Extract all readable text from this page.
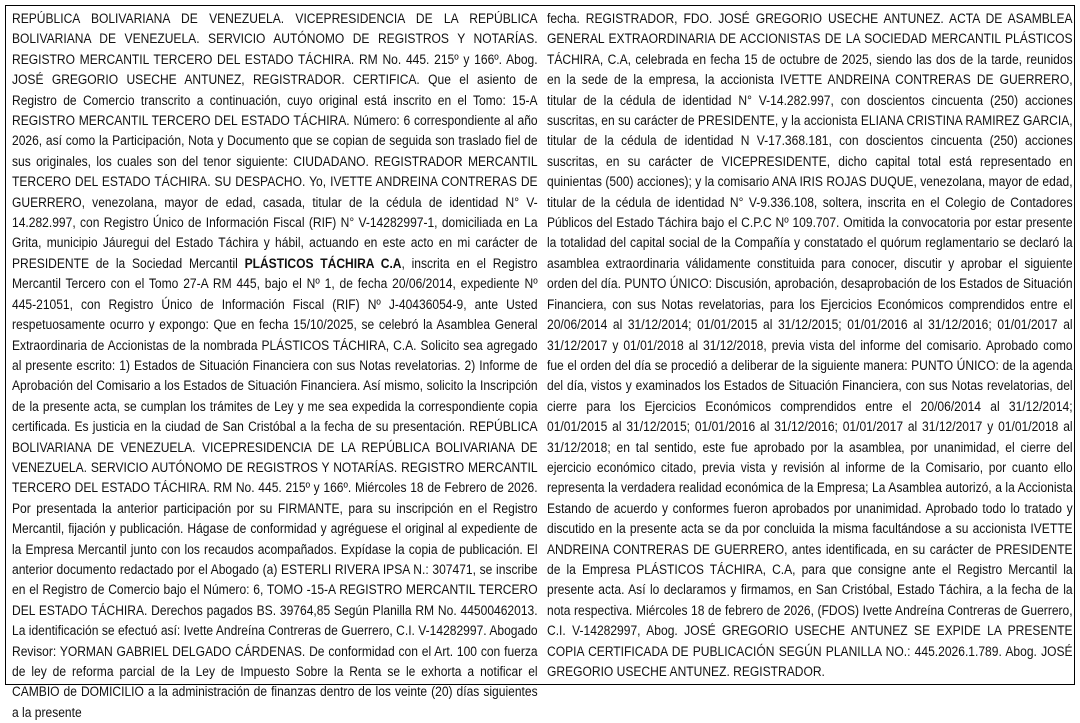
REPÚBLICA BOLIVARIANA DE VENEZUELA. VICEPRESIDENCIA DE LA REPÚBLICA BOLIVARIANA DE VENEZUELA. SERVICIO AUTÓNOMO DE REGISTROS Y NOTARÍAS. REGISTRO MERCANTIL TERCERO DEL ESTADO TÁCHIRA. RM No. 445. 215º y 166º. Abog. JOSÉ GREGORIO USECHE ANTUNEZ, REGISTRADOR. CERTIFICA. Que el asiento de Registro de Comercio transcrito a continuación, cuyo original está inscrito en el Tomo: 15-A REGISTRO MERCANTIL TERCERO DEL ESTADO TÁCHIRA. Número: 6 correspondiente al año 2026, así como la Participación, Nota y Documento que se copian de seguida son traslado fiel de sus originales, los cuales son del tenor siguiente: CIUDADANO. REGISTRADOR MERCANTIL TERCERO DEL ESTADO TÁCHIRA. SU DESPACHO. Yo, IVETTE ANDREINA CONTRERAS DE GUERRERO, venezolana, mayor de edad, casada, titular de la cédula de identidad N° V-14.282.997, con Registro Único de Información Fiscal (RIF) N° V-14282997-1, domiciliada en La Grita, municipio Jáuregui del Estado Táchira y hábil, actuando en este acto en mi carácter de PRESIDENTE de la Sociedad Mercantil PLÁSTICOS TÁCHIRA C.A, inscrita en el Registro Mercantil Tercero con el Tomo 27-A RM 445, bajo el Nº 1, de fecha 20/06/2014, expediente Nº 445-21051, con Registro Único de Información Fiscal (RIF) Nº J-40436054-9, ante Usted respetuosamente ocurro y expongo: Que en fecha 15/10/2025, se celebró la Asamblea General Extraordinaria de Accionistas de la nombrada PLÁSTICOS TÁCHIRA, C.A. Solicito sea agregado al presente escrito: 1) Estados de Situación Financiera con sus Notas revelatorias. 2) Informe de Aprobación del Comisario a los Estados de Situación Financiera. Así mismo, solicito la Inscripción de la presente acta, se cumplan los trámites de Ley y me sea expedida la correspondiente copia certificada. Es justicia en la ciudad de San Cristóbal a la fecha de su presentación. REPÚBLICA BOLIVARIANA DE VENEZUELA. VICEPRESIDENCIA DE LA REPÚBLICA BOLIVARIANA DE VENEZUELA. SERVICIO AUTÓNOMO DE REGISTROS Y NOTARÍAS. REGISTRO MERCANTIL TERCERO DEL ESTADO TÁCHIRA. RM No. 445. 215º y 166º. Miércoles 18 de Febrero de 2026. Por presentada la anterior participación por su FIRMANTE, para su inscripción en el Registro Mercantil, fijación y publicación. Hágase de conformidad y agréguese el original al expediente de la Empresa Mercantil junto con los recaudos acompañados. Expídase la copia de publicación. El anterior documento redactado por el Abogado (a) ESTERLI RIVERA IPSA N.: 307471, se inscribe en el Registro de Comercio bajo el Número: 6, TOMO -15-A REGISTRO MERCANTIL TERCERO DEL ESTADO TÁCHIRA. Derechos pagados BS. 39764,85 Según Planilla RM No. 44500462013. La identificación se efectuó así: Ivette Andreína Contreras de Guerrero, C.I. V-14282997. Abogado Revisor: YORMAN GABRIEL DELGADO CÁRDENAS. De conformidad con el Art. 100 con fuerza de ley de reforma parcial de la Ley de Impuesto Sobre la Renta se le exhorta a notificar el CAMBIO de DOMICILIO a la administración de finanzas dentro de los veinte (20) días siguientes a la presente

fecha. REGISTRADOR, FDO. JOSÉ GREGORIO USECHE ANTUNEZ. ACTA DE ASAMBLEA GENERAL EXTRAORDINARIA DE ACCIONISTAS DE LA SOCIEDAD MERCANTIL PLÁSTICOS TÁCHIRA, C.A, celebrada en fecha 15 de octubre de 2025, siendo las dos de la tarde, reunidos en la sede de la empresa, la accionista IVETTE ANDREINA CONTRERAS DE GUERRERO, titular de la cédula de identidad N° V-14.282.997, con doscientos cincuenta (250) acciones suscritas, en su carácter de PRESIDENTE, y la accionista ELIANA CRISTINA RAMIREZ GARCIA, titular de la cédula de identidad N V-17.368.181, con doscientos cincuenta (250) acciones suscritas, en su carácter de VICEPRESIDENTE, dicho capital total está representado en quinientas (500) acciones); y la comisario ANA IRIS ROJAS DUQUE, venezolana, mayor de edad, titular de la cédula de identidad N° V-9.336.108, soltera, inscrita en el Colegio de Contadores Públicos del Estado Táchira bajo el C.P.C Nº 109.707. Omitida la convocatoria por estar presente la totalidad del capital social de la Compañía y constatado el quórum reglamentario se declaró la asamblea extraordinaria válidamente constituida para conocer, discutir y aprobar el siguiente orden del día. PUNTO ÚNICO: Discusión, aprobación, desaprobación de los Estados de Situación Financiera, con sus Notas revelatorias, para los Ejercicios Económicos comprendidos entre el 20/06/2014 al 31/12/2014; 01/01/2015 al 31/12/2015; 01/01/2016 al 31/12/2016; 01/01/2017 al 31/12/2017 y 01/01/2018 al 31/12/2018, previa vista del informe del comisario. Aprobado como fue el orden del día se procedió a deliberar de la siguiente manera: PUNTO ÚNICO: de la agenda del día, vistos y examinados los Estados de Situación Financiera, con sus Notas revelatorias, del cierre para los Ejercicios Económicos comprendidos entre el 20/06/2014 al 31/12/2014; 01/01/2015 al 31/12/2015; 01/01/2016 al 31/12/2016; 01/01/2017 al 31/12/2017 y 01/01/2018 al 31/12/2018; en tal sentido, este fue aprobado por la asamblea, por unanimidad, el cierre del ejercicio económico citado, previa vista y revisión al informe de la Comisario, por cuanto ello representa la verdadera realidad económica de la Empresa; La Asamblea autorizó, a la Accionista Estando de acuerdo y conformes fueron aprobados por unanimidad. Aprobado todo lo tratado y discutido en la presente acta se da por concluida la misma facultándose a su accionista IVETTE ANDREINA CONTRERAS DE GUERRERO, antes identificada, en su carácter de PRESIDENTE de la Empresa PLÁSTICOS TÁCHIRA, C.A, para que consigne ante el Registro Mercantil la presente acta. Así lo declaramos y firmamos, en San Cristóbal, Estado Táchira, a la fecha de la nota respectiva. Miércoles 18 de febrero de 2026, (FDOS) Ivette Andreína Contreras de Guerrero, C.I. V-14282997, Abog. JOSÉ GREGORIO USECHE ANTUNEZ SE EXPIDE LA PRESENTE COPIA CERTIFICADA DE PUBLICACIÓN SEGÚN PLANILLA NO.: 445.2026.1.789. Abog. JOSÉ GREGORIO USECHE ANTUNEZ. REGISTRADOR.
